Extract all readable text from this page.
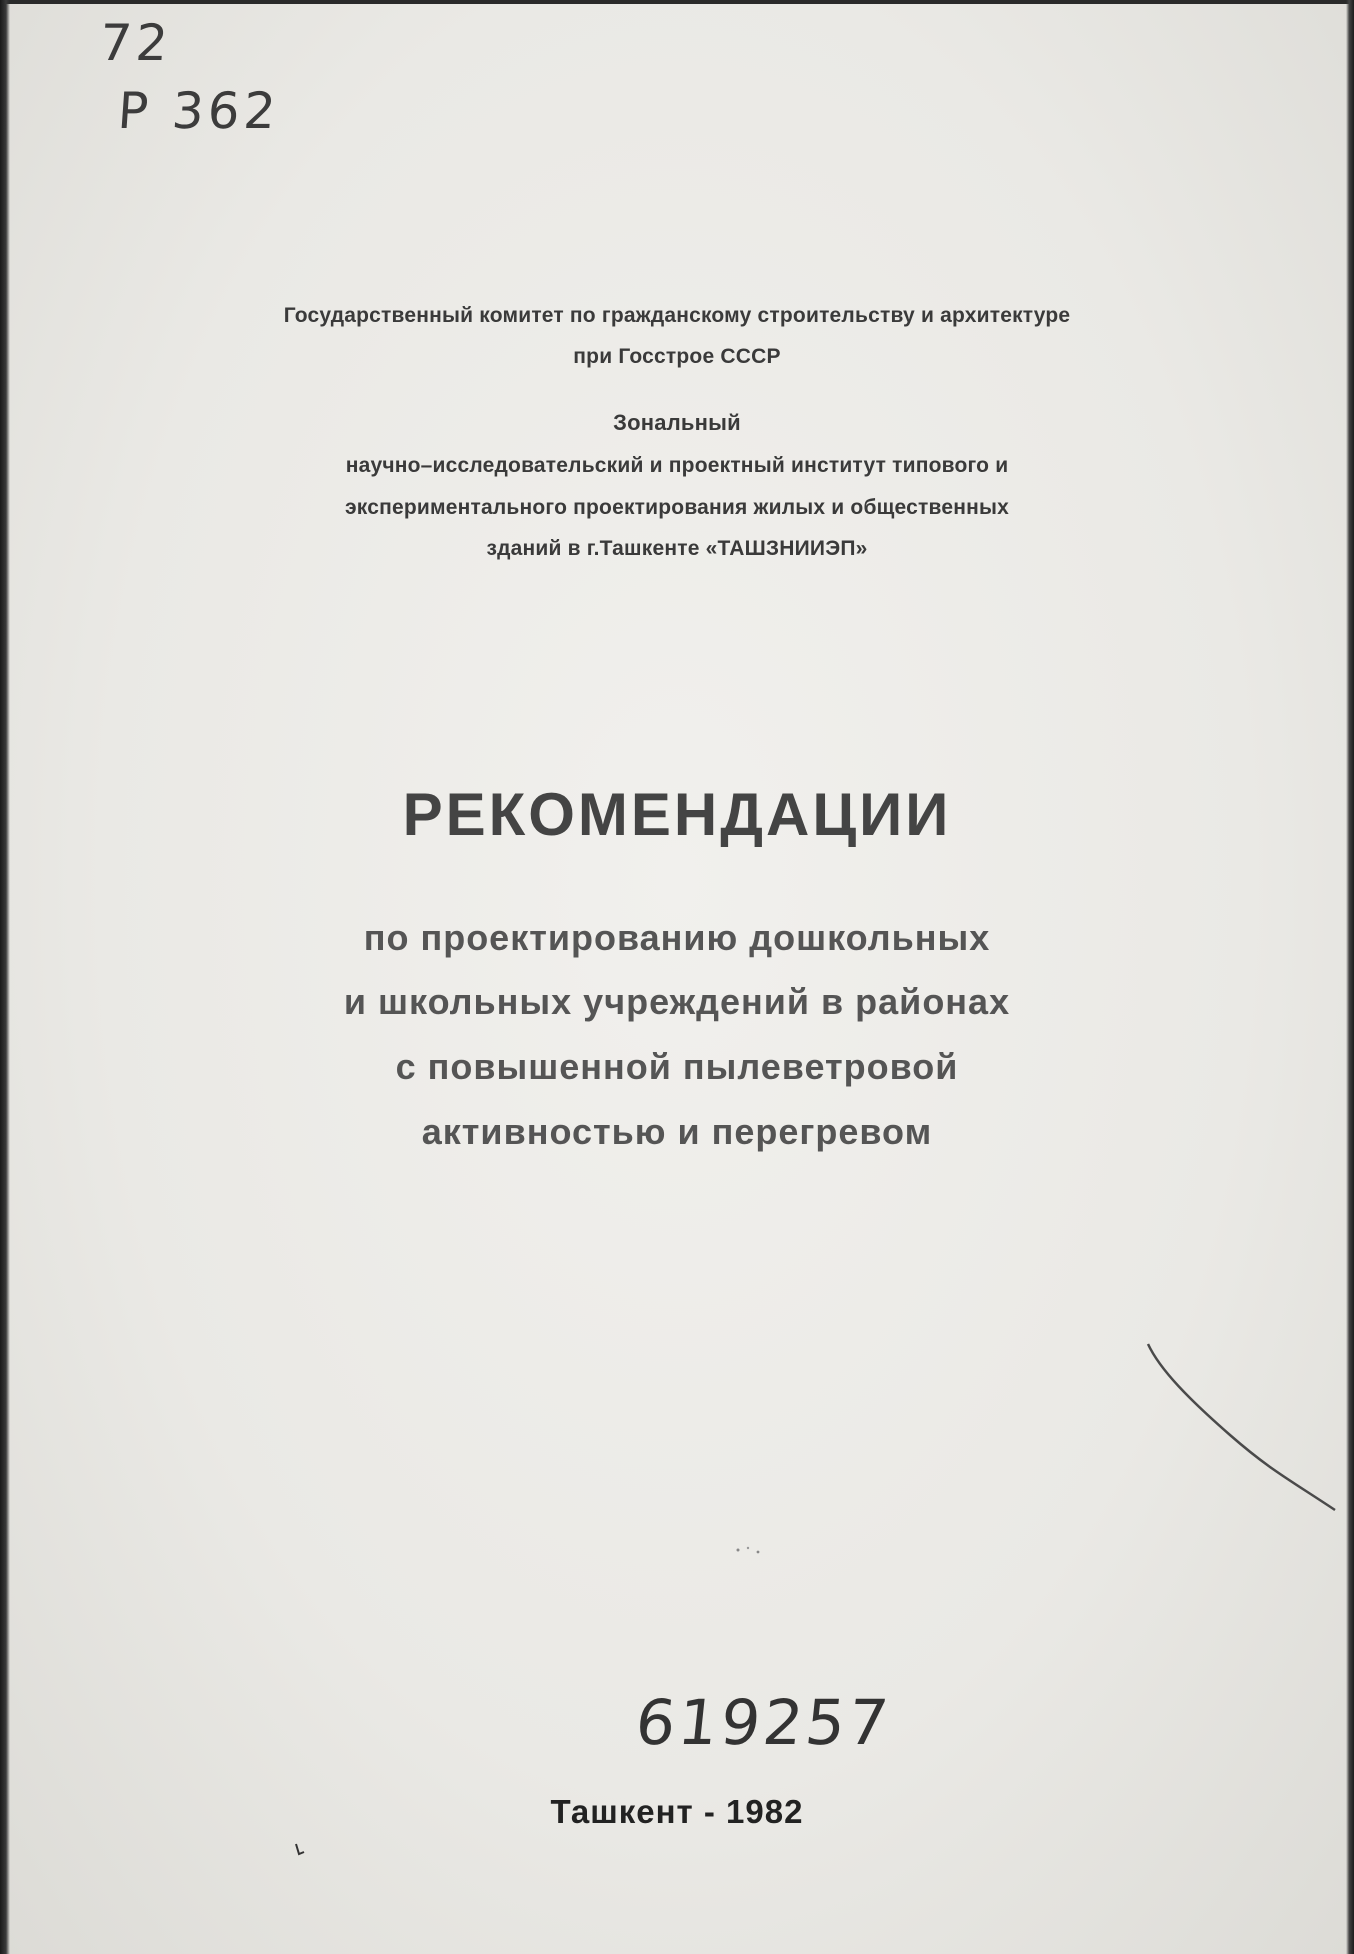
72
P 362
Государственный комитет по гражданскому строительству и архитектуре
при Госстрое СССР
Зональный
научно–исследовательский и проектный институт типового и
экспериментального проектирования жилых и общественных
зданий в г.Ташкенте «ТАШЗНИИЭП»
РЕКОМЕНДАЦИИ
по проектированию дошкольных
и школьных учреждений в районах
с повышенной пылеветровой
активностью и перегревом
619257
Ташкент - 1982
